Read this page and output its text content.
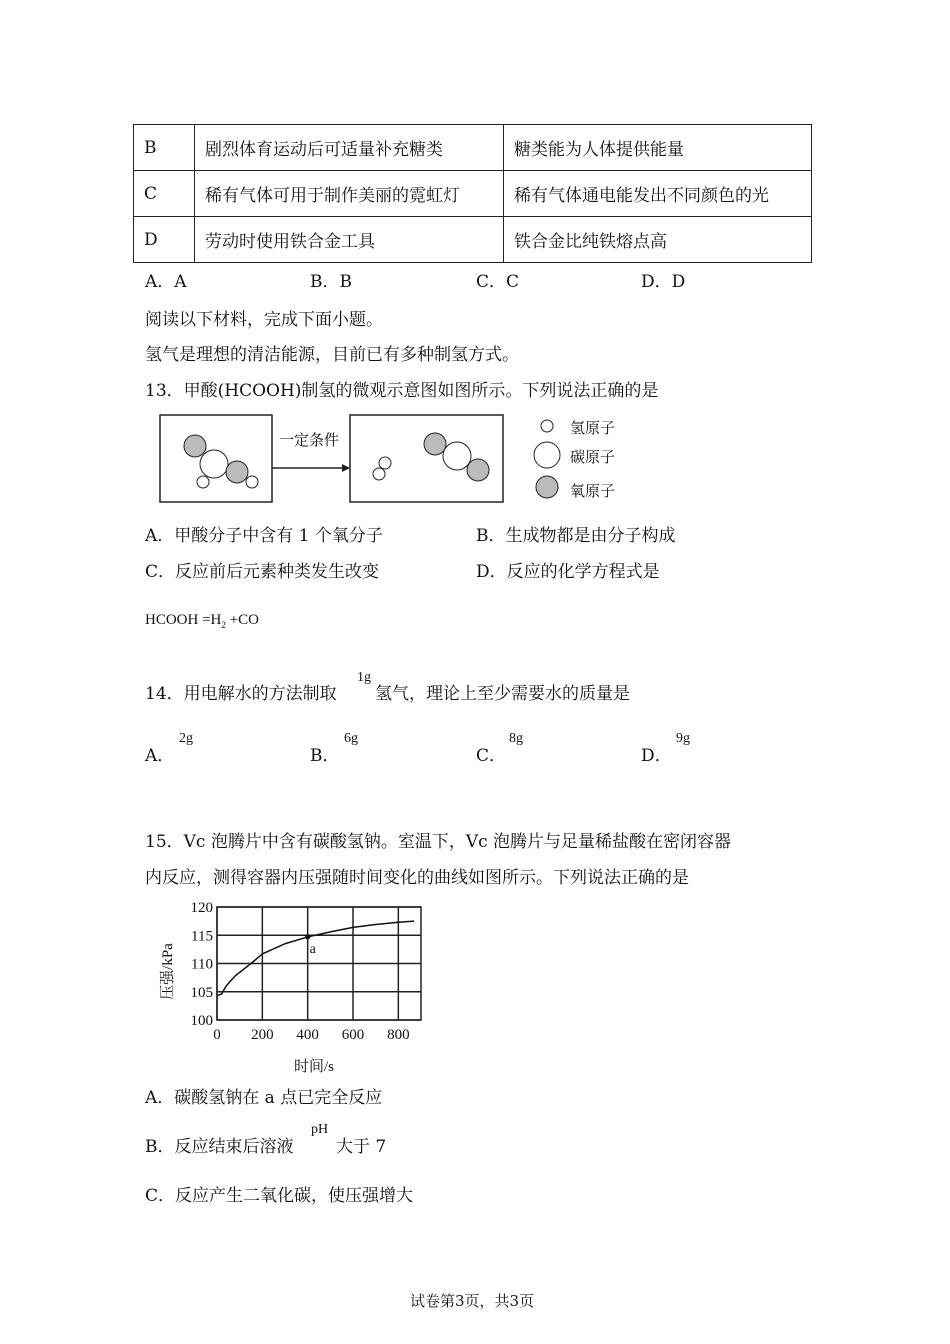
B	剧烈体育运动后可适量补充糖类	糖类能为人体提供能量
C	稀有气体可用于制作美丽的霓虹灯	稀有气体通电能发出不同颜色的光
D	劳动时使用铁合金工具	铁合金比纯铁熔点高
A．A	B．B	C．C	D．D
阅读以下材料，完成下面小题。
氢气是理想的清洁能源，目前已有多种制氢方式。
13．甲酸(HCOOH)制氢的微观示意图如图所示。下列说法正确的是
一定条件
氢原子
碳原子
氧原子
A．甲酸分子中含有 1 个氧分子	B．生成物都是由分子构成
C．反应前后元素种类发生改变	D．反应的化学方程式是
HCOOH $=H_2 +CO$
14．用电解水的方法制取
1g
氢气，理论上至少需要水的质量是
A．
2g
B．
6g
C．
8g
D．
9g
15．Vc 泡腾片中含有碳酸氢钠。室温下，Vc 泡腾片与足量稀盐酸在密闭容器
内反应，测得容器内压强随时间变化的曲线如图所示。下列说法正确的是
0 200 400 600 800
100
105
110
115
120
a
时间/s
压强/kPa
A．碳酸氢钠在 a 点已完全反应
B．反应结束后溶液
pH
大于 7
C．反应产生二氧化碳，使压强增大
试卷第3页，共3页
